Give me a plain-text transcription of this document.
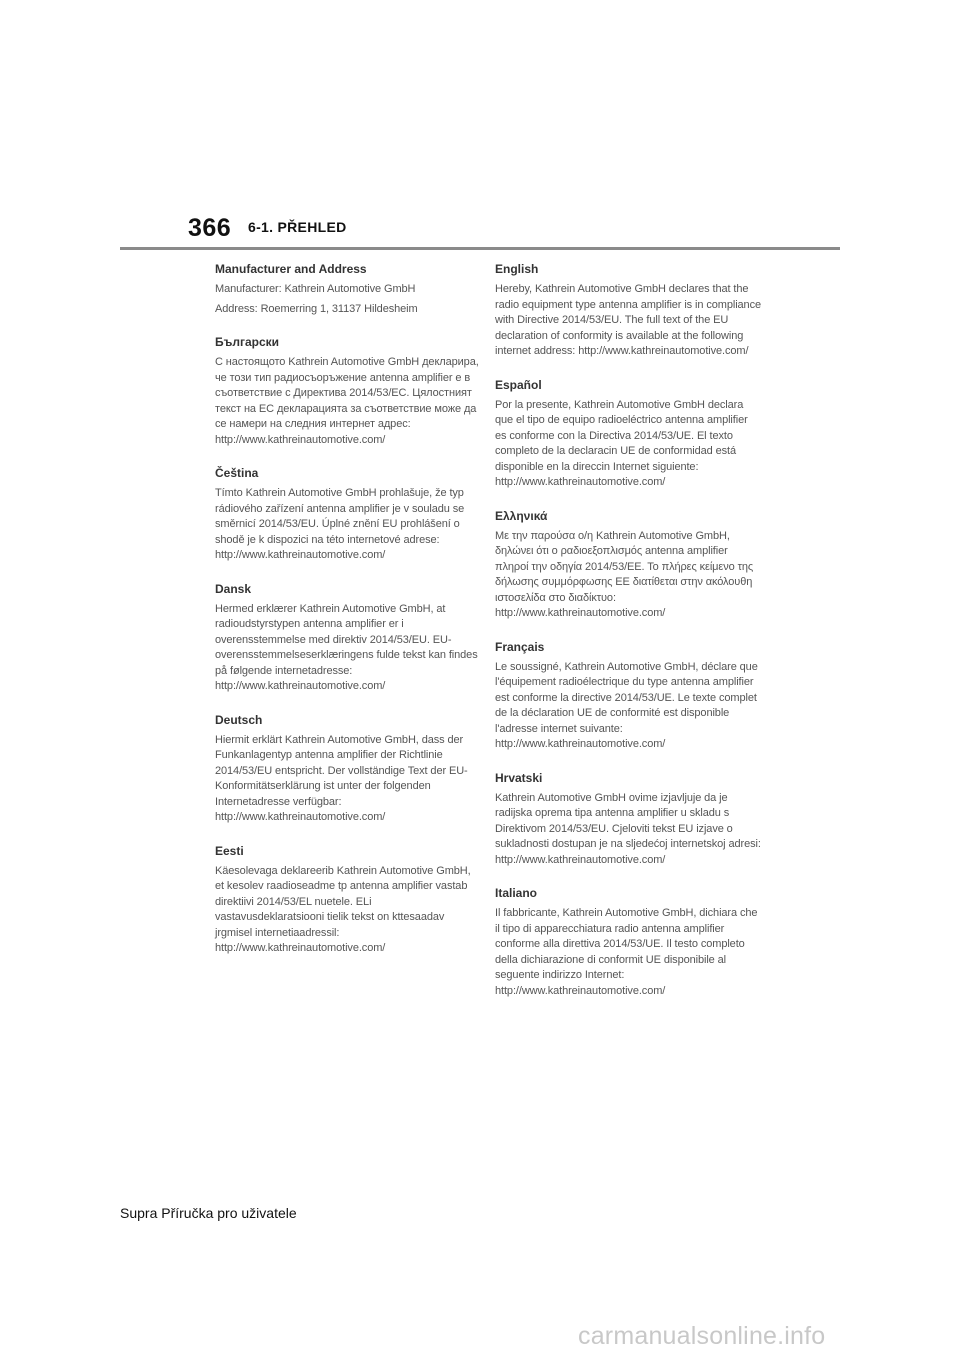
366 6-1. PŘEHLED
Manufacturer and Address

Manufacturer: Kathrein Automotive GmbH

Address: Roemerring 1, 31137 Hildesheim

Български

С настоящото Kathrein Automotive GmbH декларира, че този тип радиосъоръжение antenna amplifier е в съответствие с Директива 2014/53/ЕС. Цялостният текст на ЕС декларацията за съответствие може да се намери на следния интернет адрес: http://www.kathreinautomotive.com/

Čeština

Tímto Kathrein Automotive GmbH prohlašuje, že typ rádiového zařízení antenna amplifier je v souladu se směrnicí 2014/53/EU. Úplné znění EU prohlášení o shodě je k dispozici na této internetové adrese: http://www.kathreinautomotive.com/

Dansk

Hermed erklærer Kathrein Automotive GmbH, at radioudstyrstypen antenna amplifier er i overensstemmelse med direktiv 2014/53/EU. EU-overensstemmelseserklæringens fulde tekst kan findes på følgende internetadresse: http://www.kathreinautomotive.com/

Deutsch

Hiermit erklärt Kathrein Automotive GmbH, dass der Funkanlagentyp antenna amplifier der Richtlinie 2014/53/EU entspricht. Der vollständige Text der EU-Konformitätserklärung ist unter der folgenden Internetadresse verfügbar: http://www.kathreinautomotive.com/

Eesti

Käesolevaga deklareerib Kathrein Automotive GmbH, et kesolev raadioseadme tp antenna amplifier vastab direktiivi 2014/53/EL nuetele. ELi vastavusdeklaratsiooni tielik tekst on kttesaadav jrgmisel internetiaadressil: http://www.kathreinautomotive.com/

English

Hereby, Kathrein Automotive GmbH declares that the radio equipment type antenna amplifier is in compliance with Directive 2014/53/EU. The full text of the EU declaration of conformity is available at the following internet address: http://www.kathreinautomotive.com/

Español

Por la presente, Kathrein Automotive GmbH declara que el tipo de equipo radioeléctrico antenna amplifier es conforme con la Directiva 2014/53/UE. El texto completo de la declaracin UE de conformidad está disponible en la direccin Internet siguiente: http://www.kathreinautomotive.com/

Ελληνικά

Με την παρούσα ο/η Kathrein Automotive GmbH, δηλώνει ότι ο ραδιοεξοπλισμός antenna amplifier πληροί την οδηγία 2014/53/ΕΕ. Το πλήρες κείμενο της δήλωσης συμμόρφωσης ΕΕ διατίθεται στην ακόλουθη ιστοσελίδα στο διαδίκτυο: http://www.kathreinautomotive.com/

Français

Le soussigné, Kathrein Automotive GmbH, déclare que l'équipement radioélectrique du type antenna amplifier est conforme la directive 2014/53/UE. Le texte complet de la déclaration UE de conformité est disponible l'adresse internet suivante: http://www.kathreinautomotive.com/

Hrvatski

Kathrein Automotive GmbH ovime izjavljuje da je radijska oprema tipa antenna amplifier u skladu s Direktivom 2014/53/EU. Cjeloviti tekst EU izjave o sukladnosti dostupan je na sljedećoj internetskoj adresi: http://www.kathreinautomotive.com/

Italiano

Il fabbricante, Kathrein Automotive GmbH, dichiara che il tipo di apparecchiatura radio antenna amplifier conforme alla direttiva 2014/53/UE. Il testo completo della dichiarazione di conformit UE disponibile al seguente indirizzo Internet: http://www.kathreinautomotive.com/

Supra Příručka pro uživatele
carmanualsonline.info
